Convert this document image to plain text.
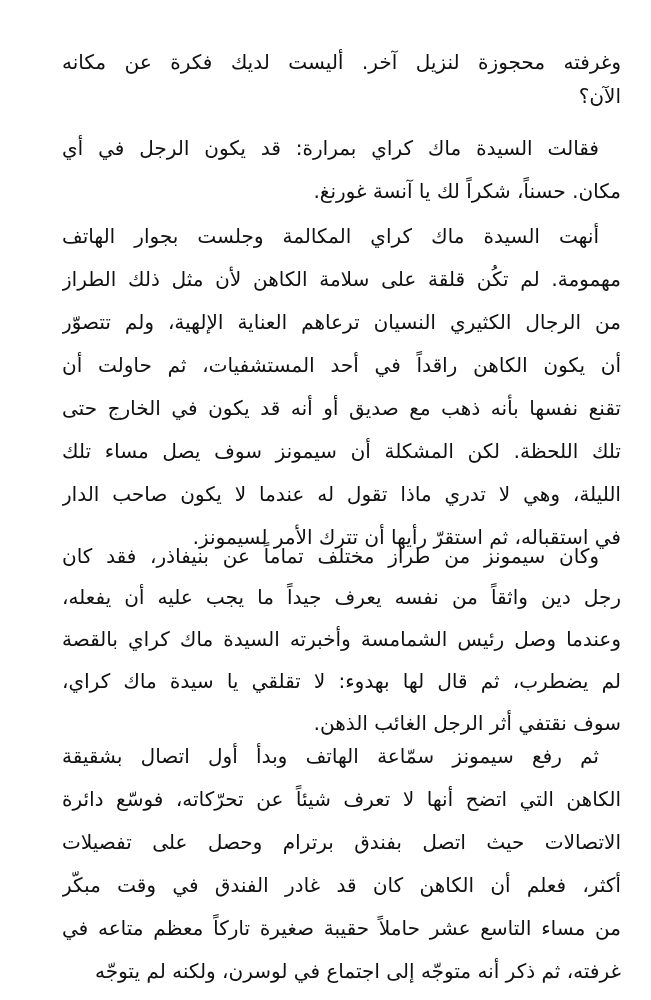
وغرفته محجوزة لنزيل آخر. أليست لديك فكرة عن مكانه
الآن؟
فقالت السيدة ماك كراي بمرارة: قد يكون الرجل في أي
مكان. حسناً، شكراً لك يا آنسة غورنغ.
أنهت السيدة ماك كراي المكالمة وجلست بجوار الهاتف
مهمومة. لم تكُن قلقة على سلامة الكاهن لأن مثل ذلك الطراز
من الرجال الكثيري النسيان ترعاهم العناية الإلهية، ولم تتصوّر
أن يكون الكاهن راقداً في أحد المستشفيات، ثم حاولت أن
تقنع نفسها بأنه ذهب مع صديق أو أنه قد يكون في الخارج حتى
تلك اللحظة. لكن المشكلة أن سيمونز سوف يصل مساء تلك
الليلة، وهي لا تدري ماذا تقول له عندما لا يكون صاحب الدار
في استقباله، ثم استقرّ رأيها أن تترك الأمر لسيمونز.
وكان سيمونز من طراز مختلف تماماً عن بنيفاذر، فقد كان
رجل دين واثقاً من نفسه يعرف جيداً ما يجب عليه أن يفعله،
وعندما وصل رئيس الشمامسة وأخبرته السيدة ماك كراي بالقصة
لم يضطرب، ثم قال لها بهدوء: لا تقلقي يا سيدة ماك كراي،
سوف نقتفي أثر الرجل الغائب الذهن.
ثم رفع سيمونز سمّاعة الهاتف وبدأ أول اتصال بشقيقة
الكاهن التي اتضح أنها لا تعرف شيئاً عن تحرّكاته، فوسّع دائرة
الاتصالات حيث اتصل بفندق برترام وحصل على تفصيلات
أكثر، فعلم أن الكاهن كان قد غادر الفندق في وقت مبكّر
من مساء التاسع عشر حاملاً حقيبة صغيرة تاركاً معظم متاعه في
غرفته، ثم ذكر أنه متوجّه إلى اجتماع في لوسرن، ولكنه لم يتوجّه
